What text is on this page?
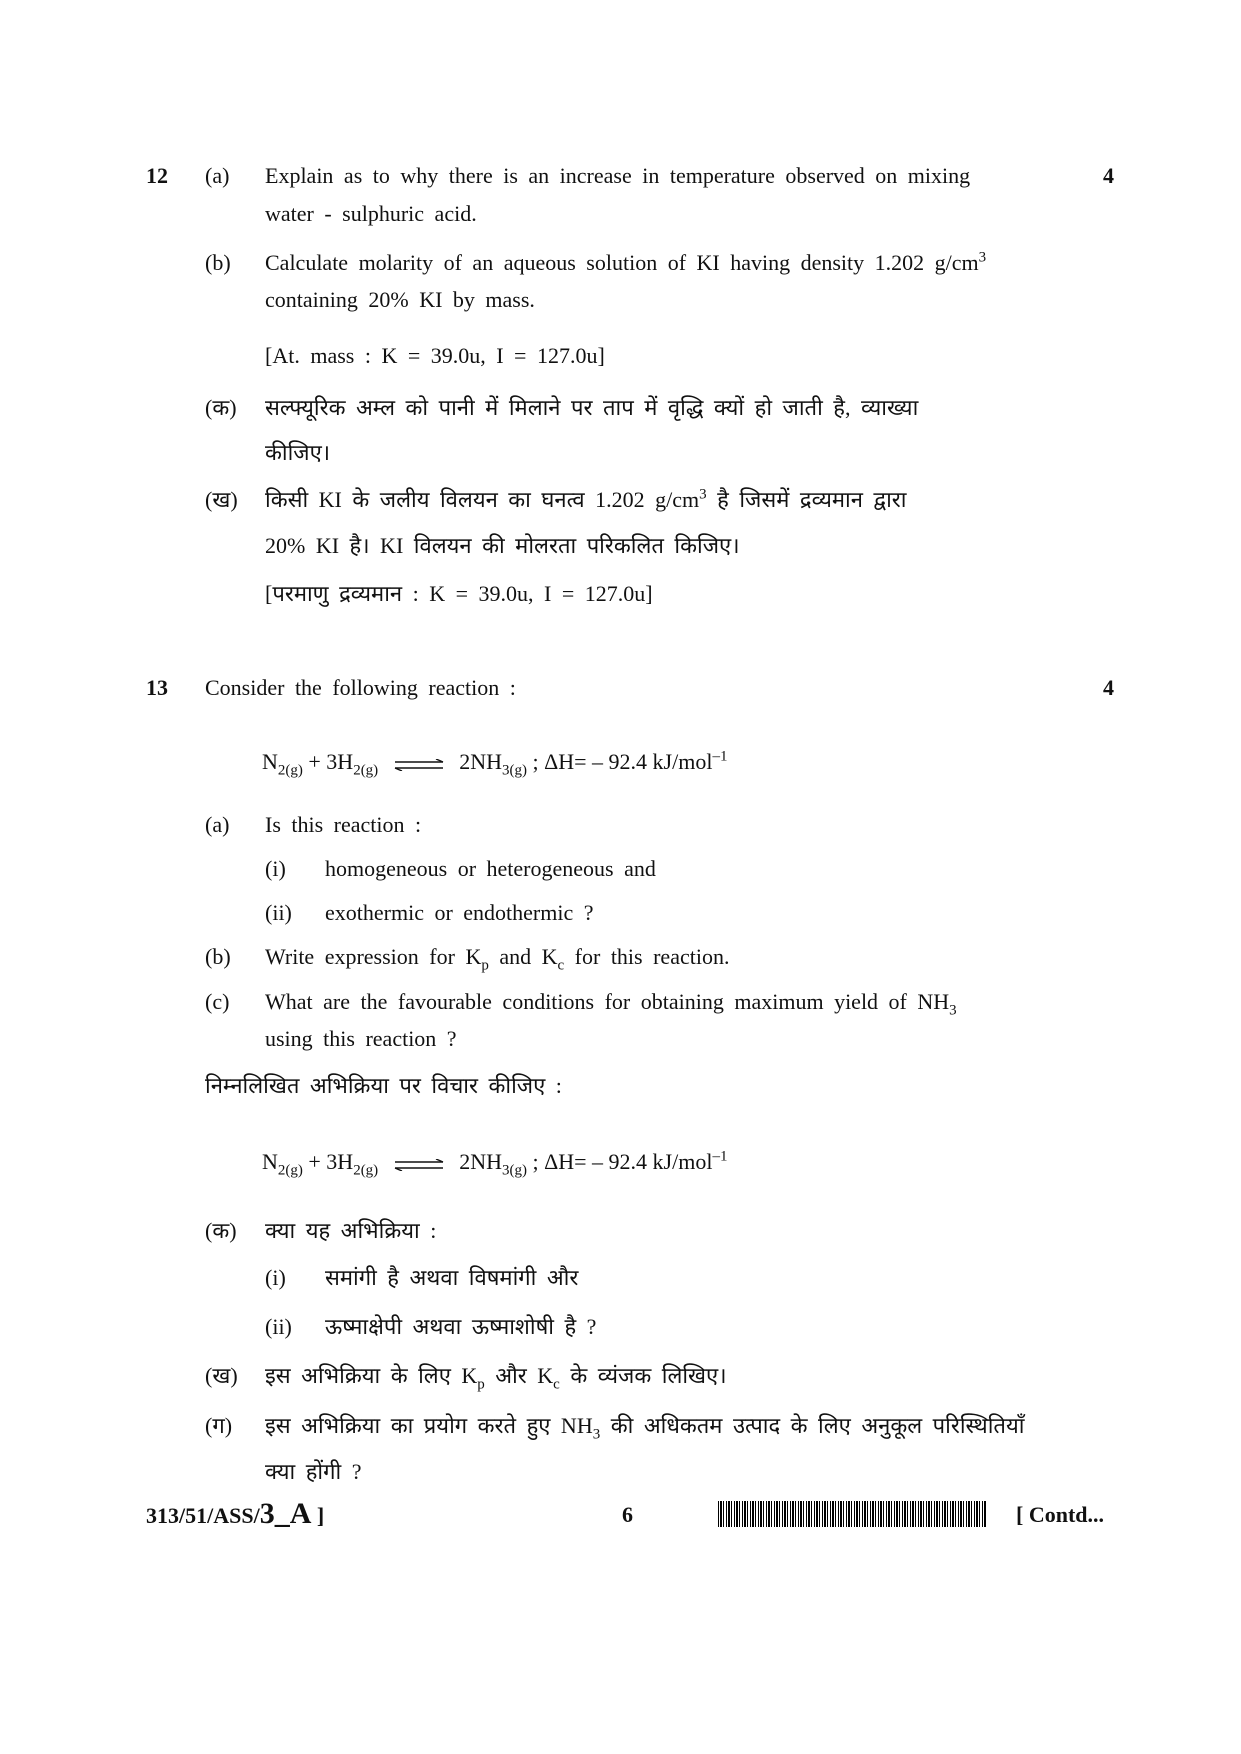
12 (a) Explain as to why there is an increase in temperature observed on mixing	4
water - sulphuric acid.
(b) Calculate molarity of an aqueous solution of KI having density 1.202 $g/cm^3$
containing 20% KI by mass.
[At. mass : K = 39.0u, I = 127.0u]
(क) सल्फ्यूरिक अम्ल को पानी में मिलाने पर ताप में वृद्धि क्यों हो जाती है, व्याख्या
कीजिए।
(ख) किसी KI के जलीय विलयन का घनत्व 1.202 $g/cm^3$ है जिसमें द्रव्यमान द्वारा
20% KI है। KI विलयन की मोलरता परिकलित किजिए।
[परमाणु द्रव्यमान : K = 39.0u, I = 127.0u]
13 Consider the following reaction :	4
$N_{2(g)} + 3H_{2(g)}$ ⇌ $2NH_{3(g)}$ ; ΔH= – 92.4 kJ/mol$^{-1}$
(a) Is this reaction :
(i) homogeneous or heterogeneous and
(ii) exothermic or endothermic ?
(b) Write expression for $K_p$ and $K_c$ for this reaction.
(c) What are the favourable conditions for obtaining maximum yield of $NH_3$
using this reaction ?
निम्नलिखित अभिक्रिया पर विचार कीजिए :
$N_{2(g)} + 3H_{2(g)}$ ⇌ $2NH_{3(g)}$ ; ΔH= – 92.4 kJ/mol$^{-1}$
(क) क्या यह अभिक्रिया :
(i) समांगी है अथवा विषमांगी और
(ii) ऊष्माक्षेपी अथवा ऊष्माशोषी है ?
(ख) इस अभिक्रिया के लिए $K_p$ और $K_c$ के व्यंजक लिखिए।
(ग) इस अभिक्रिया का प्रयोग करते हुए $NH_3$ की अधिकतम उत्पाद के लिए अनुकूल परिस्थितियाँ
क्या होंगी ?
313/51/ASS/3_A ]	6	[ Contd...
